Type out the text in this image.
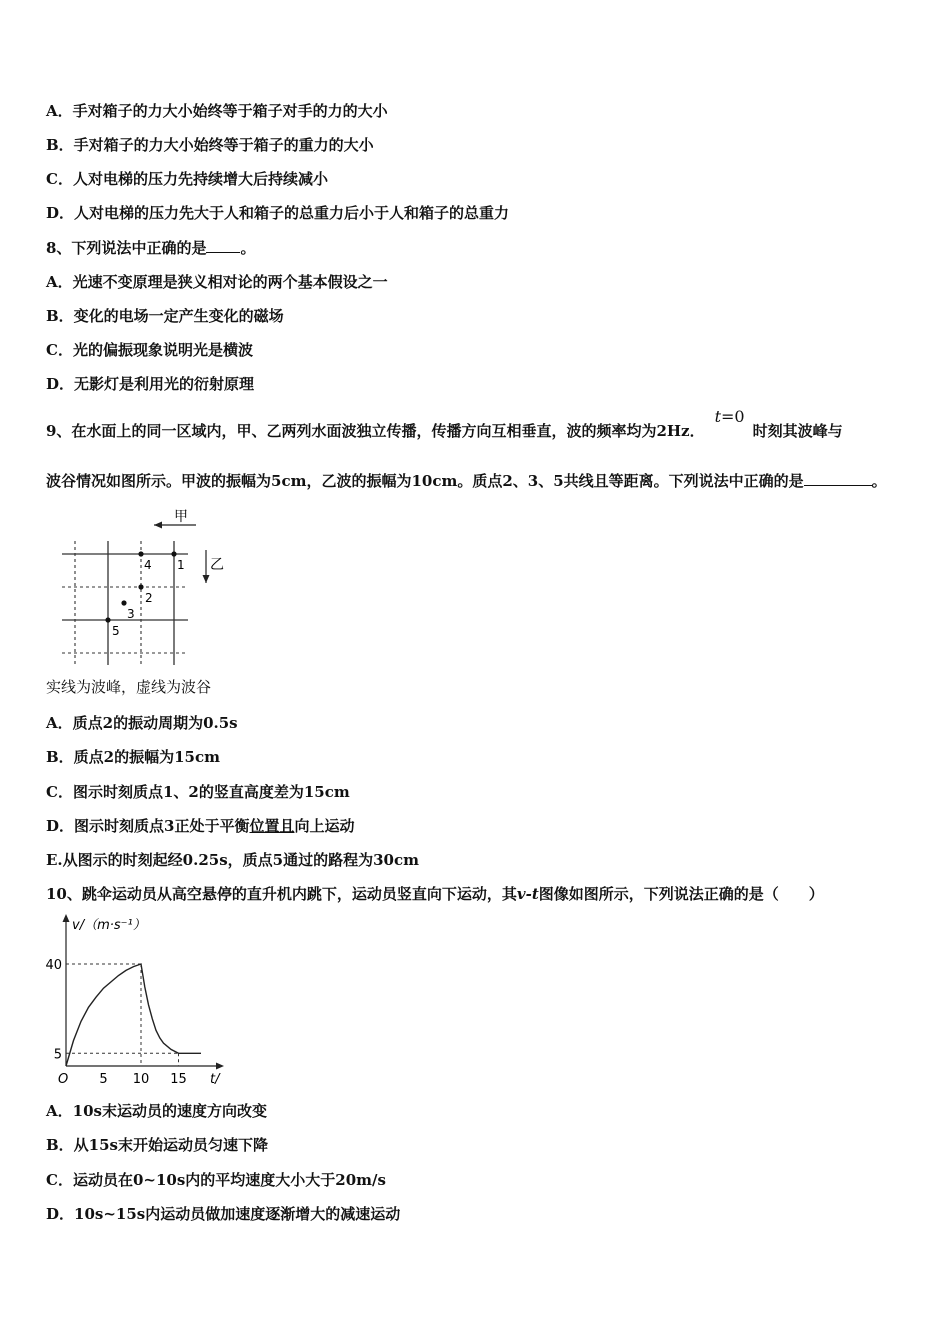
A．手对箱子的力大小始终等于箱子对手的力的大小
B．手对箱子的力大小始终等于箱子的重力的大小
C．人对电梯的压力先持续增大后持续减小
D．人对电梯的压力先大于人和箱子的总重力后小于人和箱子的总重力
8、下列说法中正确的是 。
A．光速不变原理是狭义相对论的两个基本假设之一
B．变化的电场一定产生变化的磁场
C．光的偏振现象说明光是横波
D．无影灯是利用光的衍射原理
9、在水面上的同一区域内，甲、乙两列水面波独立传播，传播方向互相垂直，波的频率均为2Hz．t=0时刻其波峰与
波谷情况如图所示。甲波的振幅为5cm，乙波的振幅为10cm。质点2、3、5共线且等距离。下列说法中正确的是	。
甲
乙
1
2
3
4
5
实线为波峰，虚线为波谷
A．质点2的振动周期为0.5s
B．质点2的振幅为15cm
C．图示时刻质点1、2的竖直高度差为15cm
D．图示时刻质点3正处于平衡位置且向上运动
E.从图示的时刻起经0.25s，质点5通过的路程为30cm
10、跳伞运动员从高空悬停的直升机内跳下，运动员竖直向下运动，其v-t图像如图所示，下列说法正确的是（　　）
v/（m·s⁻¹）
t/
O 5 10 15
40
5
A．10s末运动员的速度方向改变
B．从15s末开始运动员匀速下降
C．运动员在0~10s内的平均速度大小大于20m/s
D．10s~15s内运动员做加速度逐渐增大的减速运动
